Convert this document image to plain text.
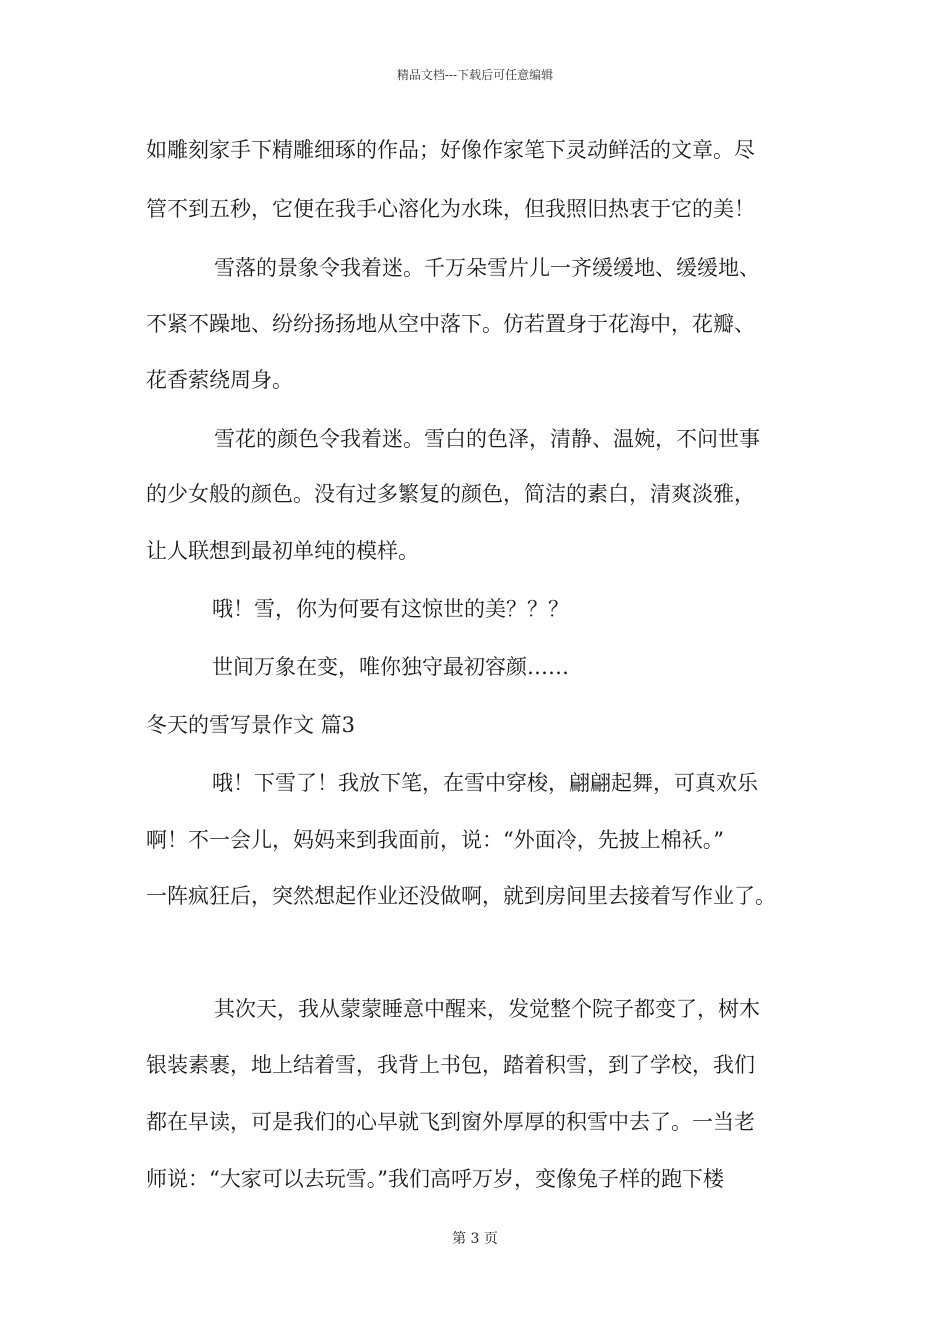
精品文档---下载后可任意编辑
如雕刻家手下精雕细琢的作品；好像作家笔下灵动鲜活的文章。尽
管不到五秒，它便在我手心溶化为水珠，但我照旧热衷于它的美！
雪落的景象令我着迷。千万朵雪片儿一齐缓缓地、缓缓地、
不紧不躁地、纷纷扬扬地从空中落下。仿若置身于花海中，花瓣、
花香萦绕周身。
雪花的颜色令我着迷。雪白的色泽，清静、温婉，不问世事
的少女般的颜色。没有过多繁复的颜色，简洁的素白，清爽淡雅，
让人联想到最初单纯的模样。
哦！雪，你为何要有这惊世的美？？？
世间万象在变，唯你独守最初容颜……
冬天的雪写景作文 篇3
哦！下雪了！我放下笔，在雪中穿梭，翩翩起舞，可真欢乐
啊！不一会儿，妈妈来到我面前，说：“外面冷，先披上棉袄。”
一阵疯狂后，突然想起作业还没做啊，就到房间里去接着写作业了。
其次天，我从蒙蒙睡意中醒来，发觉整个院子都变了，树木
银装素裹，地上结着雪，我背上书包，踏着积雪，到了学校，我们
都在早读，可是我们的心早就飞到窗外厚厚的积雪中去了。一当老
师说：“大家可以去玩雪。”我们高呼万岁，变像兔子样的跑下楼
第 3 页
